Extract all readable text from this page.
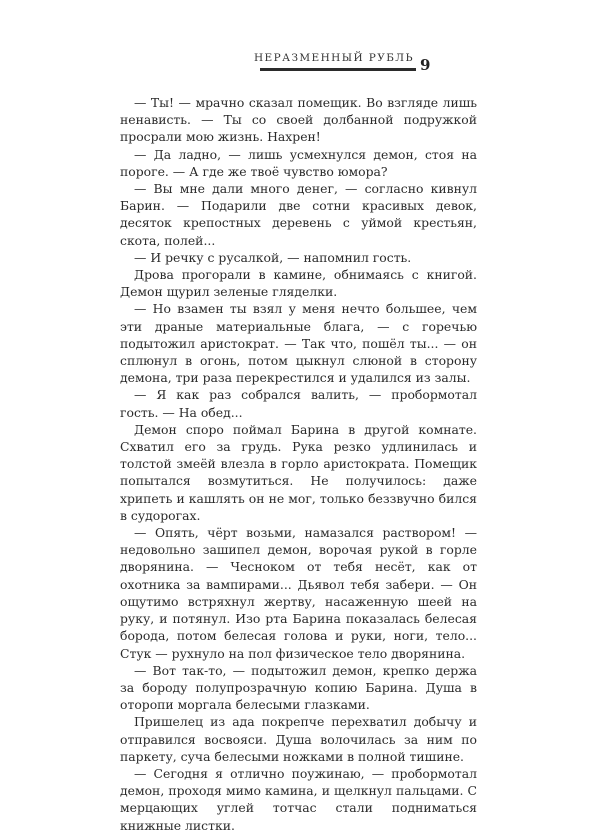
НЕРАЗМЕННЫЙ РУБЛЬ 9

— Ты! — мрачно сказал помещик. Во взгляде лишь ненависть. — Ты со своей долбанной подружкой просрали мою жизнь. Нахрен!

— Да ладно, — лишь усмехнулся демон, стоя на пороге. — А где же твоё чувство юмора?

— Вы мне дали много денег, — согласно кивнул Барин. — Подарили две сотни красивых девок, десяток крепостных деревень с уймой крестьян, скота, полей...

— И речку с русалкой, — напомнил гость.

Дрова прогорали в камине, обнимаясь с книгой. Демон щурил зеленые гляделки.

— Но взамен ты взял у меня нечто большее, чем эти драные материальные блага, — с горечью подытожил аристократ. — Так что, пошёл ты... — он сплюнул в огонь, потом цыкнул слюной в сторону демона, три раза перекрестился и удалился из залы.

— Я как раз собрался валить, — пробормотал гость. — На обед...

Демон споро поймал Барина в другой комнате. Схватил его за грудь. Рука резко удлинилась и толстой змеёй влезла в горло аристократа. Помещик попытался возмутиться. Не получилось: даже хрипеть и кашлять он не мог, только беззвучно бился в судорогах.

— Опять, чёрт возьми, намазался раствором! — недовольно зашипел демон, ворочая рукой в горле дворянина. — Чесноком от тебя несёт, как от охотника за вампирами... Дьявол тебя забери. — Он ощутимо встряхнул жертву, насаженную шеей на руку, и потянул. Изо рта Барина показалась белесая борода, потом белесая голова и руки, ноги, тело... Стук — рухнуло на пол физическое тело дворянина.

— Вот так-то, — подытожил демон, крепко держа за бороду полупрозрачную копию Барина. Душа в оторопи моргала белесыми глазками.

Пришелец из ада покрепче перехватил добычу и отправился восвояси. Душа волочилась за ним по паркету, суча белесыми ножками в полной тишине.

— Сегодня я отлично поужинаю, — пробормотал демон, проходя мимо камина, и щелкнул пальцами. С мерцающих углей тотчас стали подниматься книжные листки.
